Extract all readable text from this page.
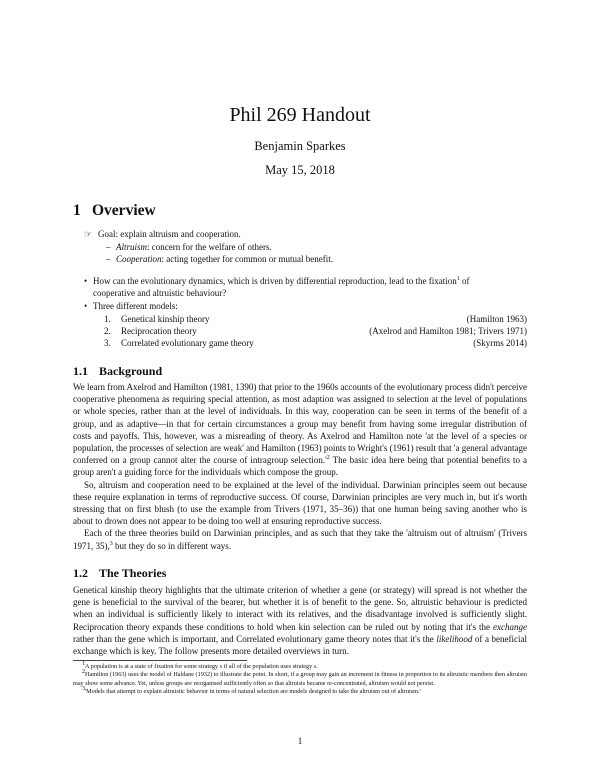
Phil 269 Handout
Benjamin Sparkes
May 15, 2018
1 Overview
☞ Goal: explain altruism and cooperation.
– Altruism: concern for the welfare of others.
– Cooperation: acting together for common or mutual benefit.
• How can the evolutionary dynamics, which is driven by differential reproduction, lead to the fixation$^1$ of
cooperative and altruistic behaviour?
• Three different models:
1. Genetical kinship theory	(Hamilton 1963)
2. Reciprocation theory	(Axelrod and Hamilton 1981; Trivers 1971)
3. Correlated evolutionary game theory	(Skyrms 2014)
1.1 Background

We learn from Axelrod and Hamilton (1981, 1390) that prior to the 1960s accounts of the evolutionary process didn't perceive cooperative phenomena as requiring special attention, as most adaption was assigned to selection at the level of populations or whole species, rather than at the level of individuals. In this way, cooperation can be seen in terms of the benefit of a group, and as adaptive—in that for certain circumstances a group may benefit from having some irregular distribution of costs and payoffs. This, however, was a misreading of theory. As Axelrod and Hamilton note 'at the level of a species or population, the processes of selection are weak' and Hamilton (1963) points to Wright's (1961) result that 'a general advantage conferred on a group cannot alter the course of intragroup $selection.'^2$ The basic idea here being that potential benefits to a group aren't a guiding force for the individuals which compose the group.

So, altruism and cooperation need to be explained at the level of the individual. Darwinian principles seem out because these require explanation in terms of reproductive success. Of course, Darwinian principles are very much in, but it's worth stressing that on first blush (to use the example from Trivers (1971, 35–36)) that one human being saving another who is about to drown does not appear to be doing too well at ensuring reproductive success.

Each of the three theories build on Darwinian principles, and as such that they take the 'altruism out of altruism' (Trivers 1971, 35),$^3$ but they do so in different ways.

1.2 The Theories

Genetical kinship theory highlights that the ultimate criterion of whether a gene (or strategy) will spread is not whether the gene is beneficial to the survival of the bearer, but whether it is of benefit to the gene. So, altruistic behaviour is predicted when an individual is sufficiently likely to interact with its relatives, and the disadvantage involved is sufficiently slight. Reciprocation theory expands these conditions to hold when kin selection can be ruled out by noting that it's the exchange rather than the gene which is important, and Correlated evolutionary game theory notes that it's the likelihood of a beneficial exchange which is key. The follow presents more detailed overviews in turn.

$^1$A population is at a state of fixation for some strategy s if all of the population uses strategy s.

$^2$Hamilton (1963) uses the model of Haldane (1932) to illustrate the point. In short, if a group may gain an increment in fitness in proportion to its altruistic members then altruism may show some advance. Yet, unless groups are reorganised sufficiently often so that altruists became re-concentrated, altruism would not persist.

$^3$'Models that attempt to explain altruistic behavior in terms of natural selection are models designed to take the altruism out of altruism.'

1
